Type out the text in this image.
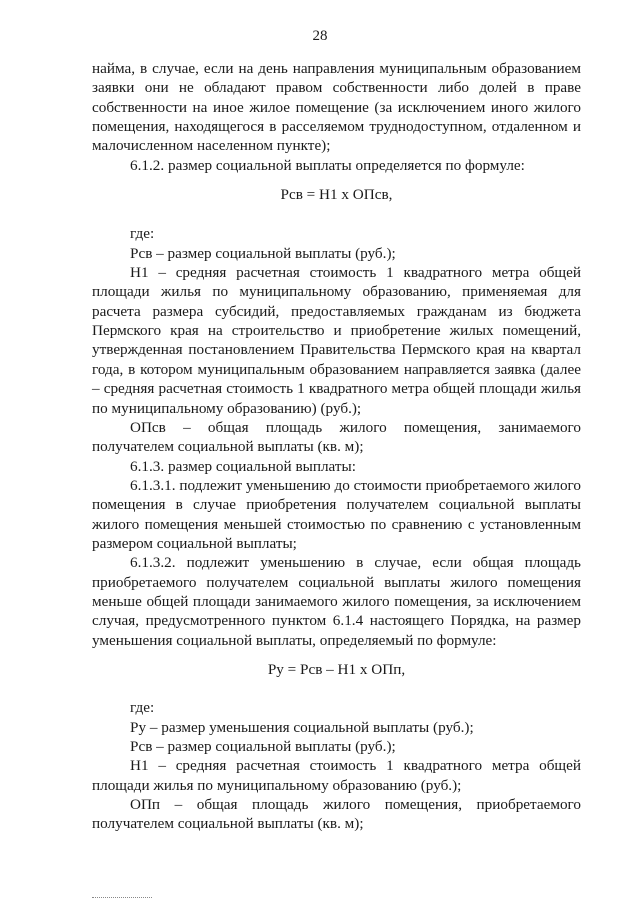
28

найма, в случае, если на день направления муниципальным образованием заявки они не обладают правом собственности либо долей в праве собственности на иное жилое помещение (за исключением иного жилого помещения, находящегося в расселяемом труднодоступном, отдаленном и малочисленном населенном пункте);

6.1.2. размер социальной выплаты определяется по формуле:

Рсв = Н1 х ОПсв,

где:

Рсв – размер социальной выплаты (руб.);

Н1 – средняя расчетная стоимость 1 квадратного метра общей площади жилья по муниципальному образованию, применяемая для расчета размера субсидий, предоставляемых гражданам из бюджета Пермского края на строительство и приобретение жилых помещений, утвержденная постановлением Правительства Пермского края на квартал года, в котором муниципальным образованием направляется заявка (далее – средняя расчетная стоимость 1 квадратного метра общей площади жилья по муниципальному образованию) (руб.);

ОПсв – общая площадь жилого помещения, занимаемого получателем социальной выплаты (кв. м);

6.1.3. размер социальной выплаты:

6.1.3.1. подлежит уменьшению до стоимости приобретаемого жилого помещения в случае приобретения получателем социальной выплаты жилого помещения меньшей стоимостью по сравнению с установленным размером социальной выплаты;

6.1.3.2. подлежит уменьшению в случае, если общая площадь приобретаемого получателем социальной выплаты жилого помещения меньше общей площади занимаемого жилого помещения, за исключением случая, предусмотренного пунктом 6.1.4 настоящего Порядка, на размер уменьшения социальной выплаты, определяемый по формуле:

Ру = Рсв – Н1 х ОПп,

где:

Ру – размер уменьшения социальной выплаты (руб.);

Рсв – размер социальной выплаты (руб.);

Н1 – средняя расчетная стоимость 1 квадратного метра общей площади жилья по муниципальному образованию (руб.);

ОПп – общая площадь жилого помещения, приобретаемого получателем социальной выплаты (кв. м);
